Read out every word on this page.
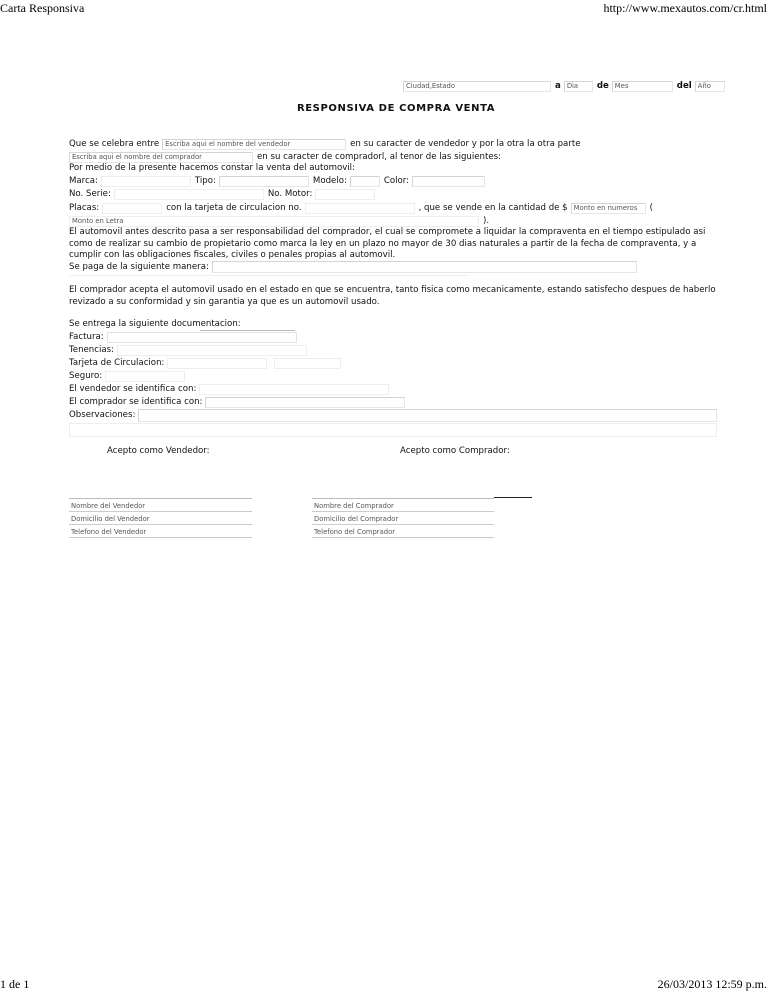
Carta Responsiva	http://www.mexautos.com/cr.html
Ciudad,Estado	a Dia	de Mes	del Año
RESPONSIVA DE COMPRA VENTA
Que se celebra entre Escriba aqui el nombre del vendedor	en su caracter de vendedor y por la otra la otra parte
Escriba aqui el nombre del comprador	en su caracter de compradorl, al tenor de las siguientes:
Por medio de la presente hacemos constar la venta del automovil:
Marca:	Tipo:	Modelo:	Color:
No. Serie:	No. Motor:
Placas:	con la tarjeta de circulacion no.	, que se vende en la cantidad de $ Monto en numeros	(
Monto en Letra	).
El automovil antes descrito pasa a ser responsabilidad del comprador, el cual se compromete a liquidar la compraventa en el tiempo estipulado asi como de realizar su cambio de propietario como marca la ley en un plazo no mayor de 30 dias naturales a partir de la fecha de compraventa, y a cumplir con las obligaciones fiscales, civiles o penales propias al automovil.
Se paga de la siguiente manera:
El comprador acepta el automovil usado en el estado en que se encuentra, tanto fisica como mecanicamente, estando satisfecho despues de haberlo revizado a su conformidad y sin garantia ya que es un automovil usado.
Se entrega la siguiente documentacion:
Factura:
Tenencias:
Tarjeta de Circulacion:
Seguro:
El vendedor se identifica con:
El comprador se identifica con:
Observaciones:
Acepto como Vendedor:	Acepto como Comprador:
Nombre del Vendedor
Domicilio del Vendedor
Telefono del Vendedor
Nombre del Comprador
Domicilio del Comprador
Telefono del Comprador
1 de 1	26/03/2013 12:59 p.m.
